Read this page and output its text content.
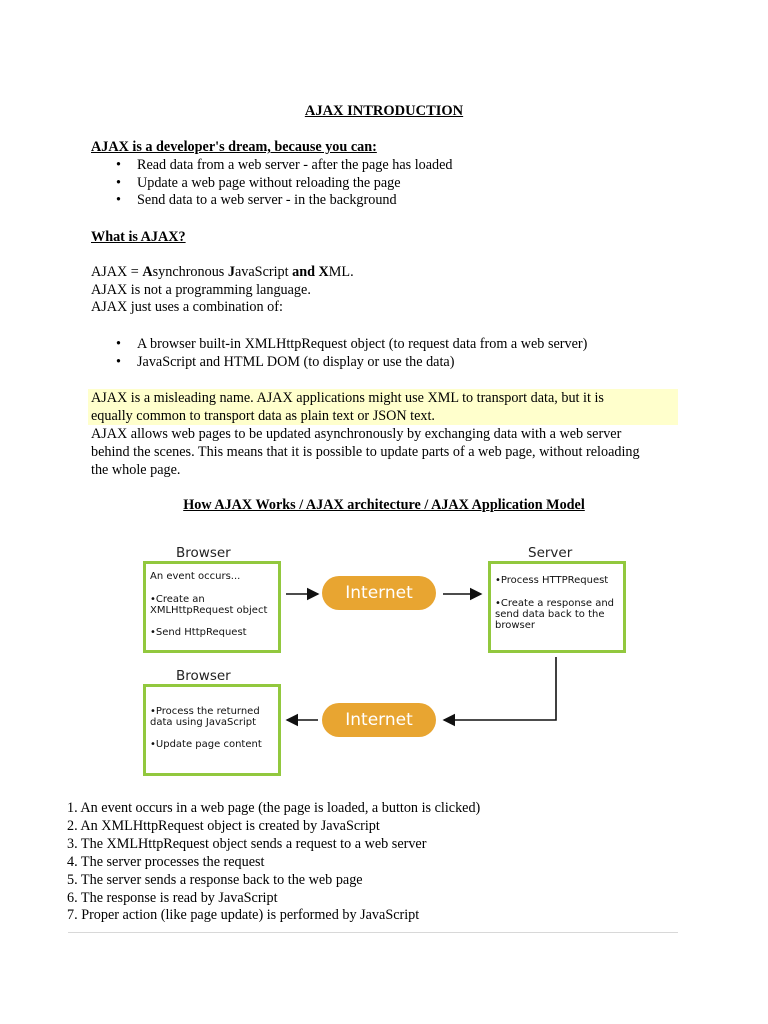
AJAX INTRODUCTION
AJAX is a developer's dream, because you can:
• Read data from a web server - after the page has loaded
• Update a web page without reloading the page
• Send data to a web server - in the background
What is AJAX?
AJAX = Asynchronous JavaScript and XML.
AJAX is not a programming language.
AJAX just uses a combination of:
• A browser built-in XMLHttpRequest object (to request data from a web server)
• JavaScript and HTML DOM (to display or use the data)
AJAX is a misleading name. AJAX applications might use XML to transport data, but it is
equally common to transport data as plain text or JSON text.
AJAX allows web pages to be updated asynchronously by exchanging data with a web server
behind the scenes. This means that it is possible to update parts of a web page, without reloading
the whole page.
How AJAX Works / AJAX architecture / AJAX Application Model
Browser
An event occurs...
•Create an
XMLHttpRequest object
•Send HttpRequest
Internet
Server
•Process HTTPRequest
•Create a response and
send data back to the
browser
Browser
•Process the returned
data using JavaScript
•Update page content
Internet
1. An event occurs in a web page (the page is loaded, a button is clicked)
2. An XMLHttpRequest object is created by JavaScript
3. The XMLHttpRequest object sends a request to a web server
4. The server processes the request
5. The server sends a response back to the web page
6. The response is read by JavaScript
7. Proper action (like page update) is performed by JavaScript
